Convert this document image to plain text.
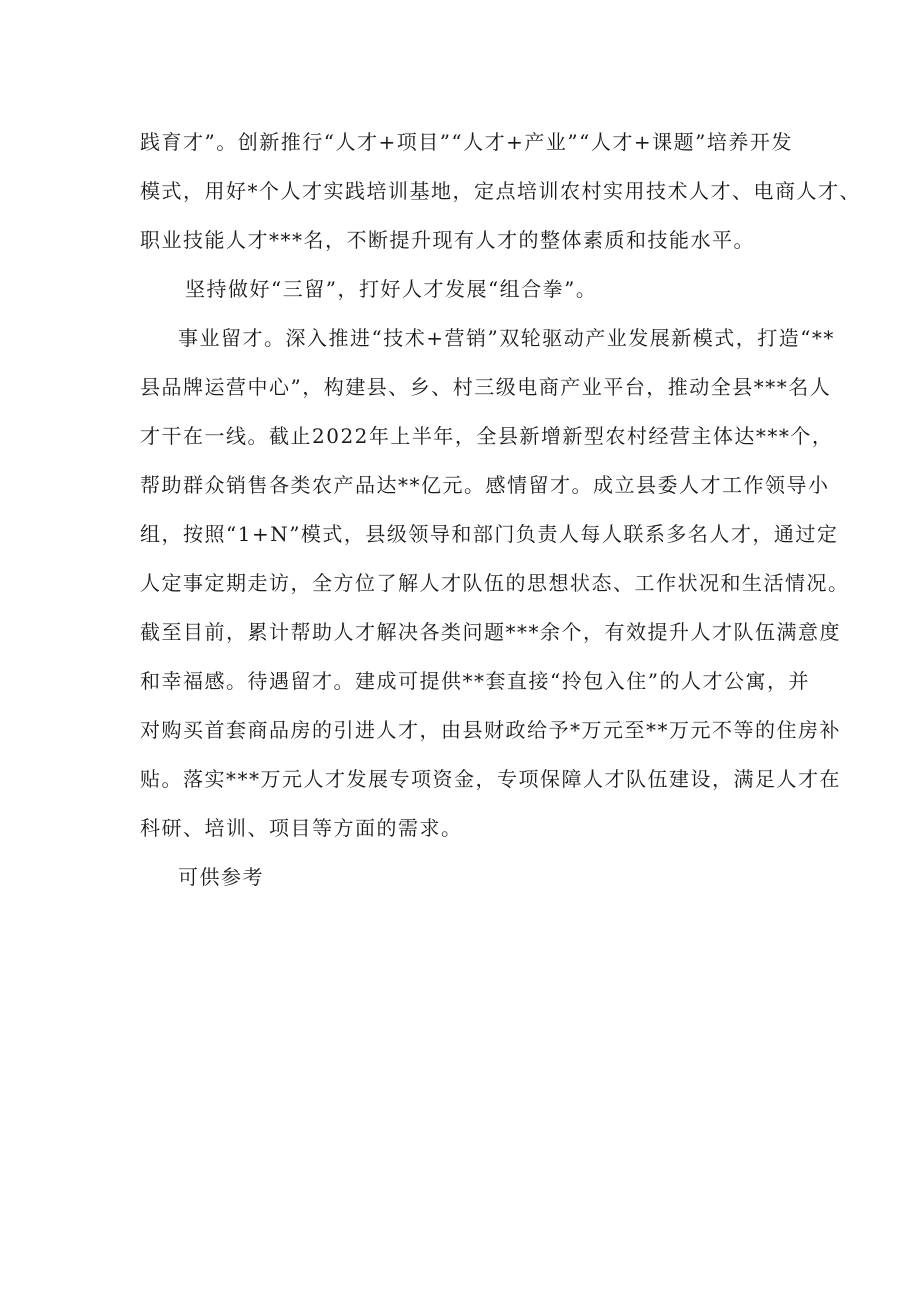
践育才”。创新推行“人才+项目”“人才+产业”“人才+课题”培养开发
模式，用好*个人才实践培训基地，定点培训农村实用技术人才、电商人才、
职业技能人才***名，不断提升现有人才的整体素质和技能水平。
坚持做好“三留”，打好人才发展“组合拳”。
事业留才。深入推进“技术+营销”双轮驱动产业发展新模式，打造“**
县品牌运营中心”，构建县、乡、村三级电商产业平台，推动全县***名人
才干在一线。截止2022年上半年，全县新增新型农村经营主体达***个，
帮助群众销售各类农产品达**亿元。感情留才。成立县委人才工作领导小
组，按照“1+N”模式，县级领导和部门负责人每人联系多名人才，通过定
人定事定期走访，全方位了解人才队伍的思想状态、工作状况和生活情况。
截至目前，累计帮助人才解决各类问题***余个，有效提升人才队伍满意度
和幸福感。待遇留才。建成可提供**套直接“拎包入住”的人才公寓，并
对购买首套商品房的引进人才，由县财政给予*万元至**万元不等的住房补
贴。落实***万元人才发展专项资金，专项保障人才队伍建设，满足人才在
科研、培训、项目等方面的需求。
可供参考
